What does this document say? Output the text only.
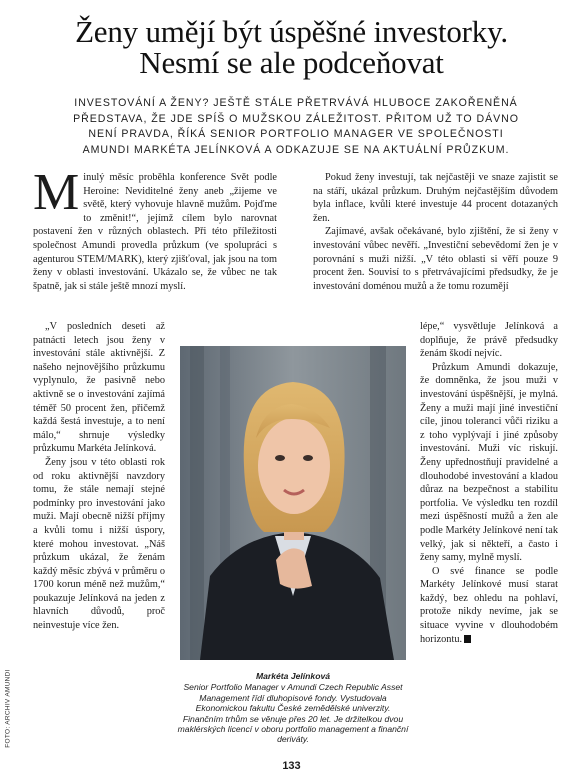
Ženy umějí být úspěšné investorky.
Nesmí se ale podceňovat
INVESTOVÁNÍ A ŽENY? JEŠTĚ STÁLE PŘETRVÁVÁ HLUBOCE ZAKOŘENĚNÁ PŘEDSTAVA, ŽE JDE SPÍŠ O MUŽSKOU ZÁLEŽITOST. PŘITOM UŽ TO DÁVNO NENÍ PRAVDA, ŘÍKÁ SENIOR PORTFOLIO MANAGER VE SPOLEČNOSTI AMUNDI MARKÉTA JELÍNKOVÁ A ODKAZUJE SE NA AKTUÁLNÍ PRŮZKUM.

Minulý měsíc proběhla konference Svět podle Heroine: Neviditelné ženy aneb „žijeme ve světě, který vyhovuje hlavně mužům. Pojďme to změnit!“, jejímž cílem bylo narovnat postavení žen v různých oblastech. Při této příležitosti společnost Amundi provedla průzkum (ve spolupráci s agenturou STEM/MARK), který zjišťoval, jak jsou na tom ženy v oblasti investování. Ukázalo se, že vůbec ne tak špatně, jak si stále ještě mnozí myslí.

„V posledních deseti až patnácti letech jsou ženy v investování stále aktivnější. Z našeho nejnovějšího průzkumu vyplynulo, že pasivně nebo aktivně se o investování zajímá téměř 50 procent žen, přičemž každá šestá investuje, a to není málo,“ shrnuje výsledky průzkumu Markéta Jelínková.

Ženy jsou v této oblasti rok od roku aktivnější navzdory tomu, že stále nemají stejné podmínky pro investování jako muži. Mají obecně nižší příjmy a kvůli tomu i nižší úspory, které mohou investovat. „Náš průzkum ukázal, že ženám každý měsíc zbývá v průměru o 1700 korun méně než mužům,“ poukazuje Jelínková na jeden z hlavních důvodů, proč neinvestuje více žen.

Pokud ženy investují, tak nejčastěji ve snaze zajistit se na stáří, ukázal průzkum. Druhým nejčastějším důvodem byla inflace, kvůli které investuje 44 procent dotazaných žen.

Zajímavé, avšak očekávané, bylo zjištění, že si ženy v investování vůbec nevěří. „Investiční sebevědomí žen je v porovnání s muži nižší. „V této oblasti si věří pouze 9 procent žen. Souvisí to s přetrvávajícími předsudky, že je investování doménou mužů a že tomu rozumějí

lépe,“ vysvětluje Jelínková a doplňuje, že právě předsudky ženám škodí nejvíc.

Průzkum Amundi dokazuje, že domněnka, že jsou muži v investování úspěšnější, je mylná. Ženy a muži mají jiné investiční cíle, jinou toleranci vůči riziku a z toho vyplývají i jiné způsoby investování. Muži víc riskují. Ženy upřednostňují pravidelné a dlouhodobé investování a kladou důraz na bezpečnost a stabilitu portfolia. Ve výsledku ten rozdíl mezi úspěšností mužů a žen ale podle Markéty Jelínkové není tak velký, jak si někteří, a často i ženy samy, mylně myslí.

O své finance se podle Markéty Jelínkové musí starat každý, bez ohledu na pohlaví, protože nikdy nevíme, jak se situace vyvine v dlouhodobém horizontu.

Markéta Jelínková
Senior Portfolio Manager v Amundi Czech Republic Asset Management řídí dluhopisové fondy. Vystudovala Ekonomickou fakultu České zemědělské univerzity. Finančním trhům se věnuje přes 20 let. Je držitelkou dvou maklérských licencí v oboru portfolio management a finanční deriváty.
FOTO: ARCHIV AMUNDI
133
